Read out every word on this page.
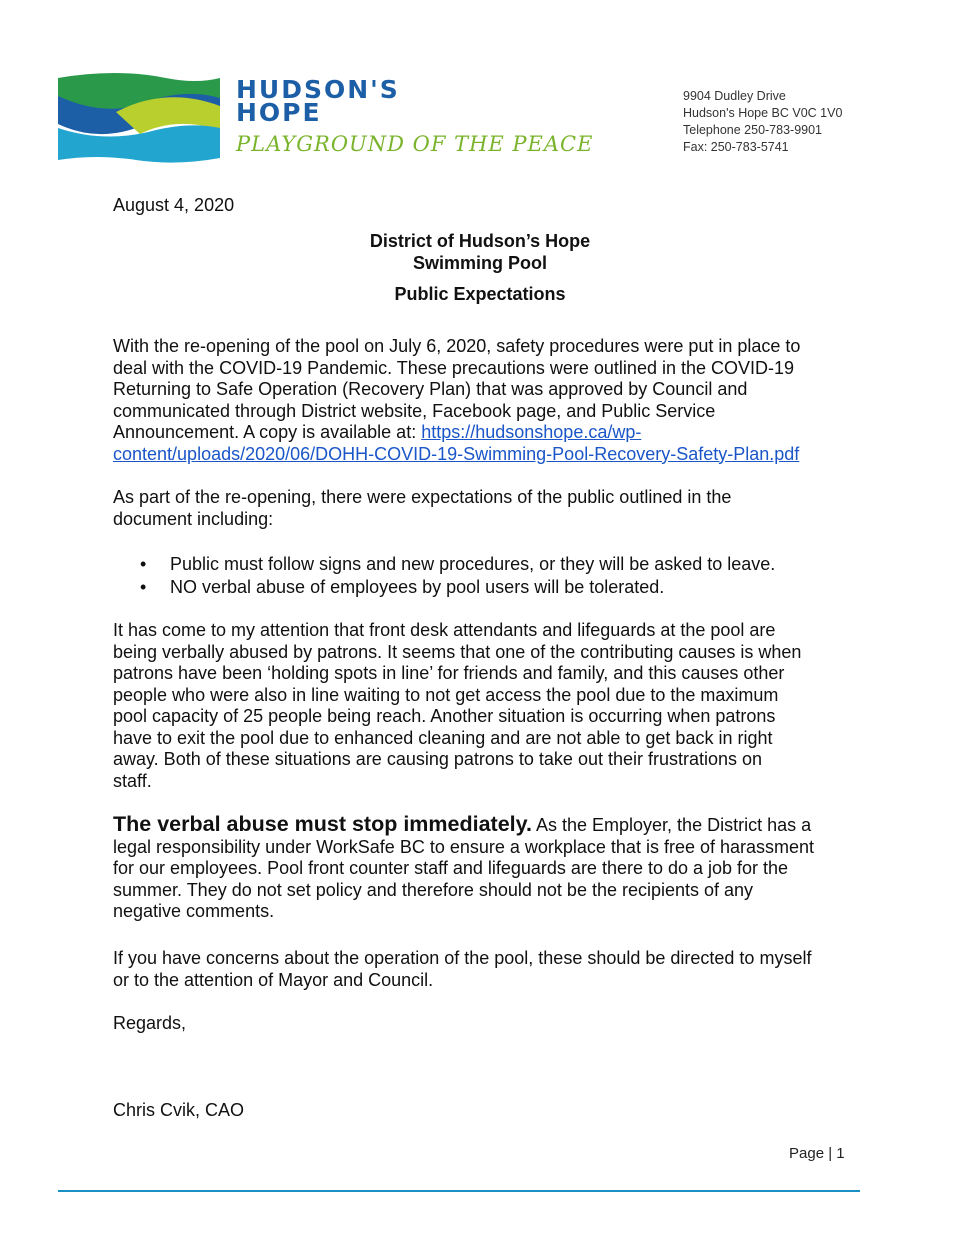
HUDSON'S
HOPE
PLAYGROUND OF THE PEACE
9904 Dudley Drive
Hudson's Hope BC V0C 1V0
Telephone 250-783-9901
Fax: 250-783-5741
August 4, 2020
District of Hudson’s Hope
Swimming Pool
Public Expectations
With the re-opening of the pool on July 6, 2020, safety procedures were put in place to
deal with the COVID-19 Pandemic. These precautions were outlined in the COVID-19
Returning to Safe Operation (Recovery Plan) that was approved by Council and
communicated through District website, Facebook page, and Public Service
Announcement. A copy is available at: https://hudsonshope.ca/wp-
content/uploads/2020/06/DOHH-COVID-19-Swimming-Pool-Recovery-Safety-Plan.pdf
As part of the re-opening, there were expectations of the public outlined in the
document including:
• Public must follow signs and new procedures, or they will be asked to leave.
• NO verbal abuse of employees by pool users will be tolerated.
It has come to my attention that front desk attendants and lifeguards at the pool are
being verbally abused by patrons. It seems that one of the contributing causes is when
patrons have been ‘holding spots in line’ for friends and family, and this causes other
people who were also in line waiting to not get access the pool due to the maximum
pool capacity of 25 people being reach. Another situation is occurring when patrons
have to exit the pool due to enhanced cleaning and are not able to get back in right
away. Both of these situations are causing patrons to take out their frustrations on
staff.
The verbal abuse must stop immediately. As the Employer, the District has a
legal responsibility under WorkSafe BC to ensure a workplace that is free of harassment
for our employees. Pool front counter staff and lifeguards are there to do a job for the
summer. They do not set policy and therefore should not be the recipients of any
negative comments.
If you have concerns about the operation of the pool, these should be directed to myself
or to the attention of Mayor and Council.
Regards,
Chris Cvik, CAO
Page | 1
